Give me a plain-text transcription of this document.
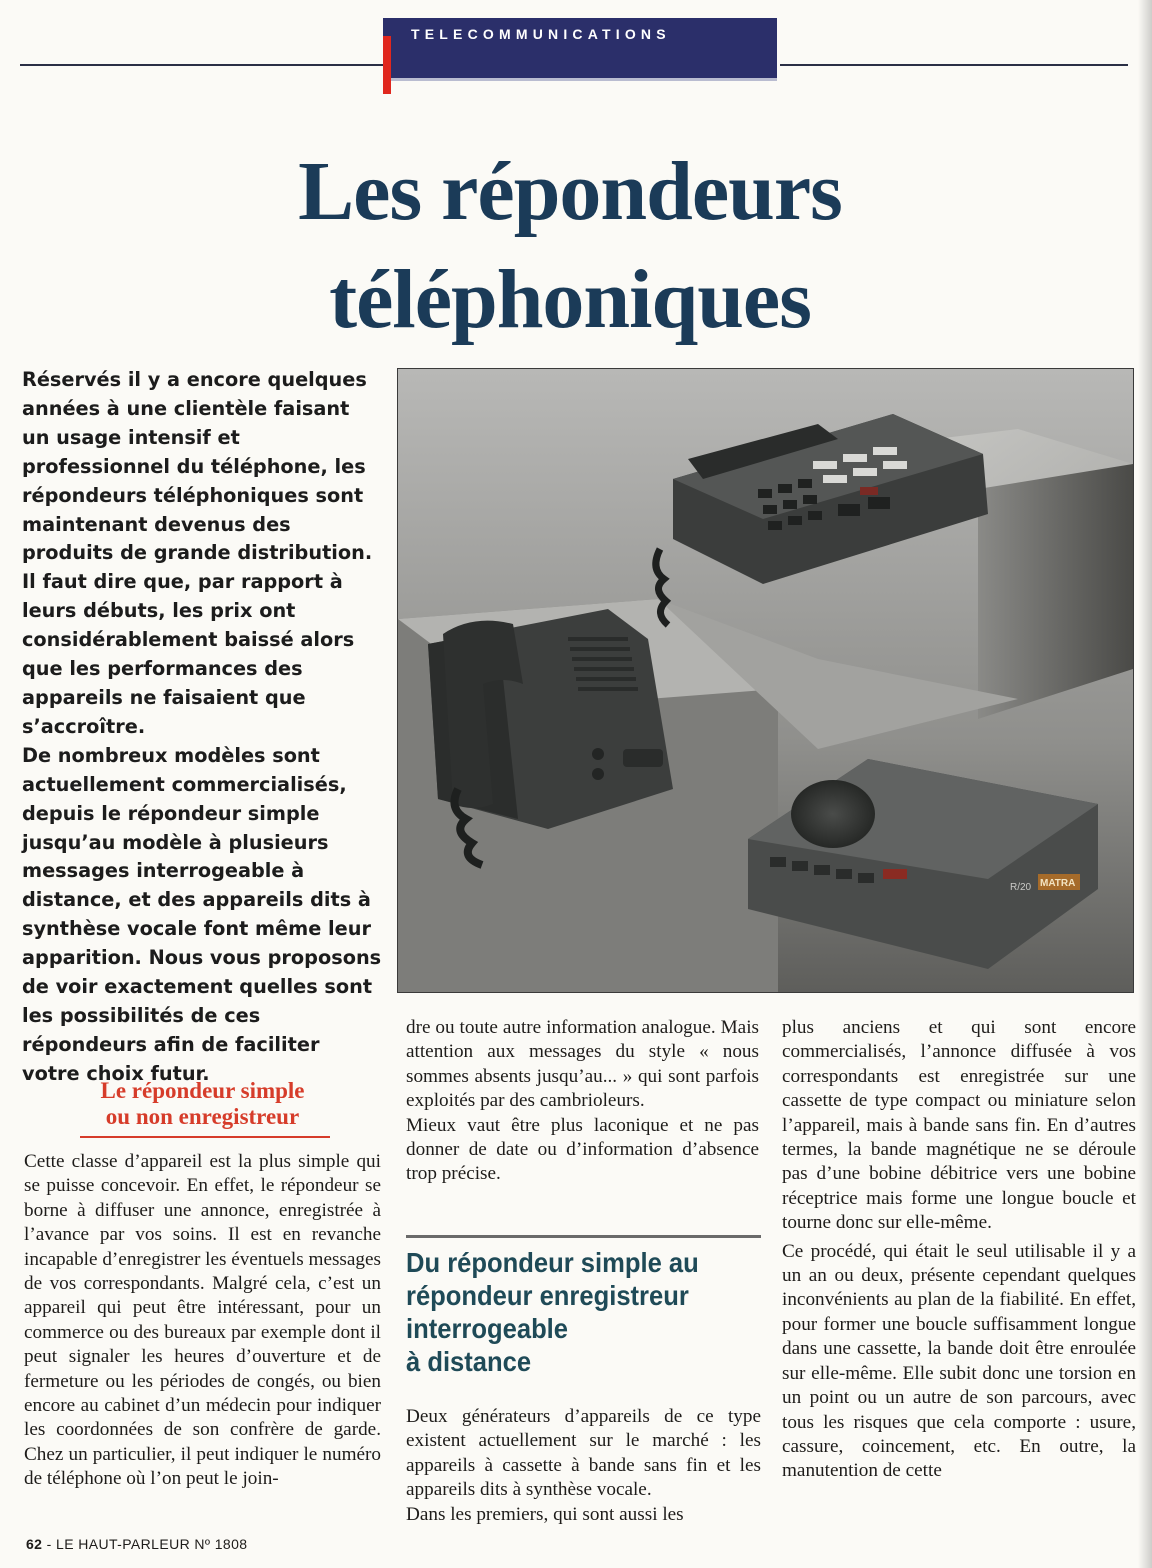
TELECOMMUNICATIONS
Les répondeurs
téléphoniques

Réservés il y a encore quelques années à une clientèle faisant un usage intensif et professionnel du téléphone, les répondeurs téléphoniques sont maintenant devenus des produits de grande distribution. Il faut dire que, par rapport à leurs débuts, les prix ont considérablement baissé alors que les performances des appareils ne faisaient que s’accroître.

De nombreux modèles sont actuellement commercialisés, depuis le répondeur simple jusqu’au modèle à plusieurs messages interrogeable à distance, et des appareils dits à synthèse vocale font même leur apparition. Nous vous proposons de voir exactement quelles sont les possibilités de ces répondeurs afin de faciliter votre choix futur.

R/20 MATRA
Le répondeur simple
ou non enregistreur

Cette classe d’appareil est la plus simple qui se puisse concevoir. En effet, le répondeur se borne à diffuser une annonce, enregistrée à l’avance par vos soins. Il est en revanche incapable d’enregistrer les éventuels messages de vos correspondants. Malgré cela, c’est un appareil qui peut être intéressant, pour un commerce ou des bureaux par exemple dont il peut signaler les heures d’ouverture et de fermeture ou les périodes de congés, ou bien encore au cabinet d’un médecin pour indiquer les coordonnées de son confrère de garde. Chez un particulier, il peut indiquer le numéro de téléphone où l’on peut le join-

dre ou toute autre information analogue. Mais attention aux messages du style « nous sommes absents jusqu’au... » qui sont parfois exploités par des cambrioleurs.

Mieux vaut être plus laconique et ne pas donner de date ou d’information d’absence trop précise.

Du répondeur simple au
répondeur enregistreur
interrogeable
à distance

Deux générateurs d’appareils de ce type existent actuellement sur le marché : les appareils à cassette à bande sans fin et les appareils dits à synthèse vocale.

Dans les premiers, qui sont aussi les

plus anciens et qui sont encore commercialisés, l’annonce diffusée à vos correspondants est enregistrée sur une cassette de type compact ou miniature selon l’appareil, mais à bande sans fin. En d’autres termes, la bande magnétique ne se déroule pas d’une bobine débitrice vers une bobine réceptrice mais forme une longue boucle et tourne donc sur elle-même.

Ce procédé, qui était le seul utilisable il y a un an ou deux, présente cependant quelques inconvénients au plan de la fiabilité. En effet, pour former une boucle suffisamment longue dans une cassette, la bande doit être enroulée sur elle-même. Elle subit donc une torsion en un point ou un autre de son parcours, avec tous les risques que cela comporte : usure, cassure, coincement, etc. En outre, la manutention de cette

62 - LE HAUT-PARLEUR Nº 1808
